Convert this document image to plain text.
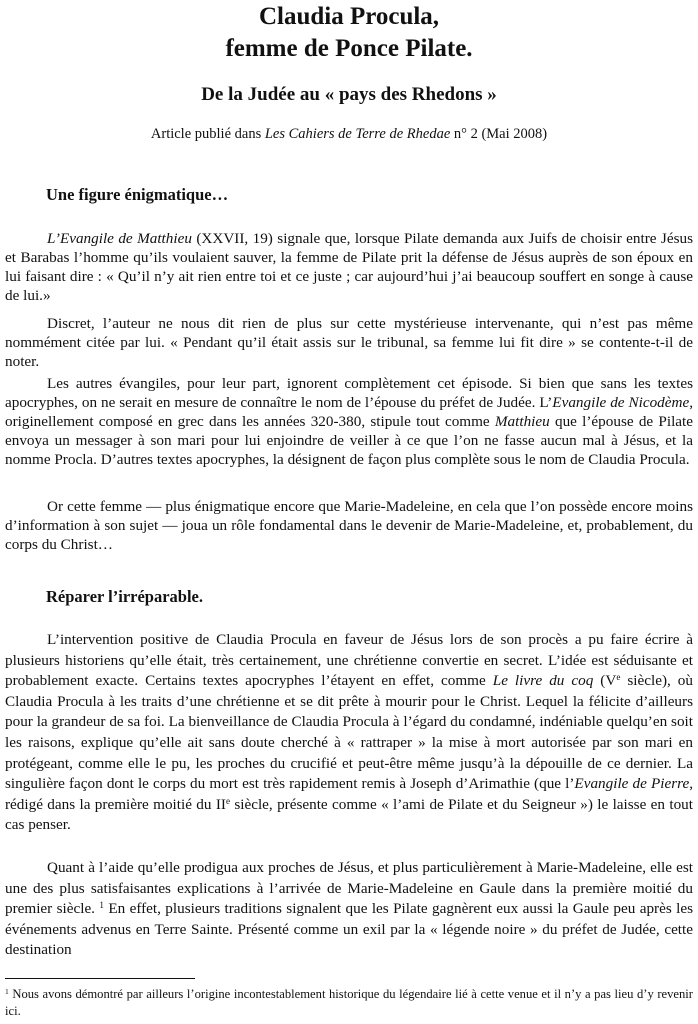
Claudia Procula,
femme de Ponce Pilate.
De la Judée au « pays des Rhedons »

Article publié dans Les Cahiers de Terre de Rhedae n° 2 (Mai 2008)

Une figure énigmatique…

L’Evangile de Matthieu (XXVII, 19) signale que, lorsque Pilate demanda aux Juifs de choisir entre Jésus et Barabas l’homme qu’ils voulaient sauver, la femme de Pilate prit la défense de Jésus auprès de son époux en lui faisant dire : « Qu’il n’y ait rien entre toi et ce juste ; car aujourd’hui j’ai beaucoup souffert en songe à cause de lui.»

Discret, l’auteur ne nous dit rien de plus sur cette mystérieuse intervenante, qui n’est pas même nommément citée par lui. « Pendant qu’il était assis sur le tribunal, sa femme lui fit dire » se contente-t-il de noter.

Les autres évangiles, pour leur part, ignorent complètement cet épisode. Si bien que sans les textes apocryphes, on ne serait en mesure de connaître le nom de l’épouse du préfet de Judée. L’Evangile de Nicodème, originellement composé en grec dans les années 320-380, stipule tout comme Matthieu que l’épouse de Pilate envoya un messager à son mari pour lui enjoindre de veiller à ce que l’on ne fasse aucun mal à Jésus, et la nomme Procla. D’autres textes apocryphes, la désignent de façon plus complète sous le nom de Claudia Procula.

Or cette femme — plus énigmatique encore que Marie-Madeleine, en cela que l’on possède encore moins d’information à son sujet — joua un rôle fondamental dans le devenir de Marie-Madeleine, et, probablement, du corps du Christ…

Réparer l’irréparable.

L’intervention positive de Claudia Procula en faveur de Jésus lors de son procès a pu faire écrire à plusieurs historiens qu’elle était, très certainement, une chrétienne convertie en secret. L’idée est séduisante et probablement exacte. Certains textes apocryphes l’étayent en effet, comme Le livre du coq (Ve siècle), où Claudia Procula à les traits d’une chrétienne et se dit prête à mourir pour le Christ. Lequel la félicite d’ailleurs pour la grandeur de sa foi. La bienveillance de Claudia Procula à l’égard du condamné, indéniable quelqu’en soit les raisons, explique qu’elle ait sans doute cherché à « rattraper » la mise à mort autorisée par son mari en protégeant, comme elle le pu, les proches du crucifié et peut-être même jusqu’à la dépouille de ce dernier. La singulière façon dont le corps du mort est très rapidement remis à Joseph d’Arimathie (que l’Evangile de Pierre, rédigé dans la première moitié du IIe siècle, présente comme « l’ami de Pilate et du Seigneur ») le laisse en tout cas penser.

Quant à l’aide qu’elle prodigua aux proches de Jésus, et plus particulièrement à Marie-Madeleine, elle est une des plus satisfaisantes explications à l’arrivée de Marie-Madeleine en Gaule dans la première moitié du premier siècle. $^1$ En effet, plusieurs traditions signalent que les Pilate gagnèrent eux aussi la Gaule peu après les événements advenus en Terre Sainte. Présenté comme un exil par la « légende noire » du préfet de Judée, cette destination

$^1$ Nous avons démontré par ailleurs l’origine incontestablement historique du légendaire lié à cette venue et il n’y a pas lieu d’y revenir ici.
